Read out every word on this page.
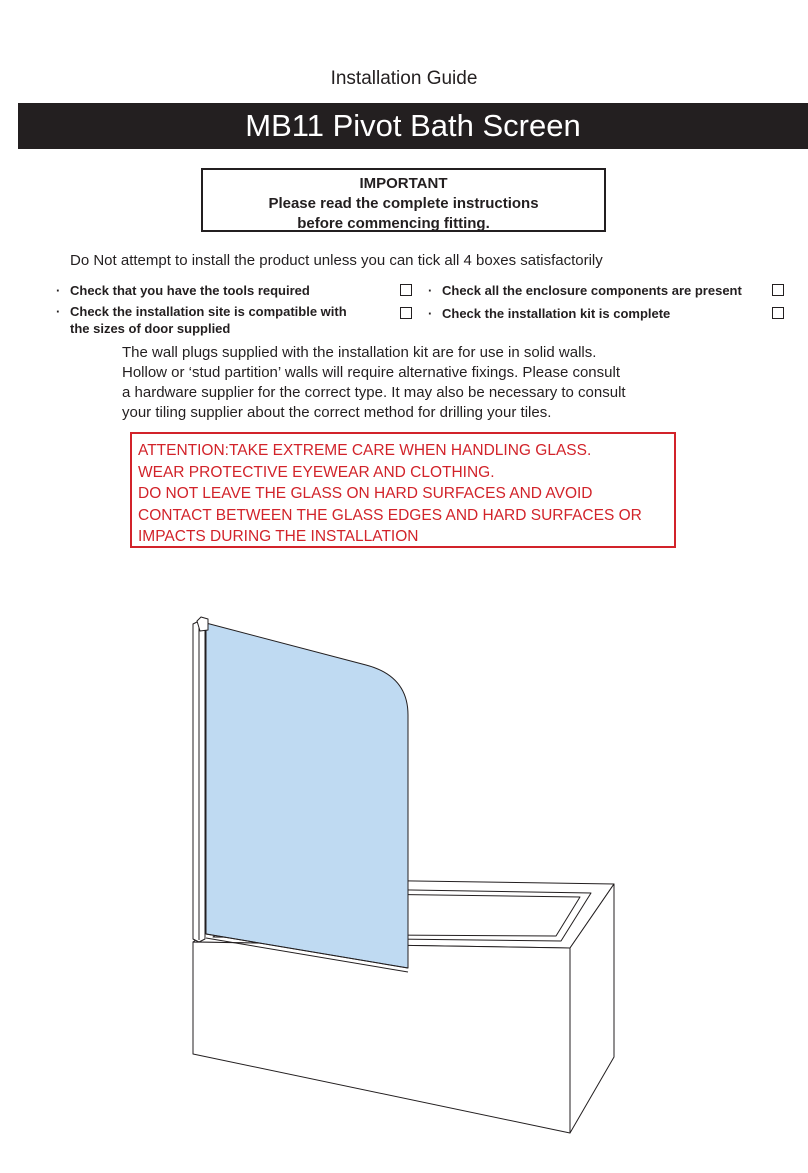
Installation Guide
MB11 Pivot Bath Screen
IMPORTANT
Please read the complete instructions
before commencing fitting.
Do Not attempt to install the product unless you can tick all 4 boxes satisfactorily
· Check that you have the tools required
· Check the installation site is compatible with
the sizes of door supplied
· Check all the enclosure components are present
· Check the installation kit is complete
The wall plugs supplied with the installation kit are for use in solid walls.
Hollow or ‘stud partition’ walls will require alternative fixings. Please consult
a hardware supplier for the correct type. It may also be necessary to consult
your tiling supplier about the correct method for drilling your tiles.
ATTENTION:TAKE EXTREME CARE WHEN HANDLING GLASS.
WEAR PROTECTIVE EYEWEAR AND CLOTHING.
DO NOT LEAVE THE GLASS ON HARD SURFACES AND AVOID
CONTACT BETWEEN THE GLASS EDGES AND HARD SURFACES OR
IMPACTS DURING THE INSTALLATION
